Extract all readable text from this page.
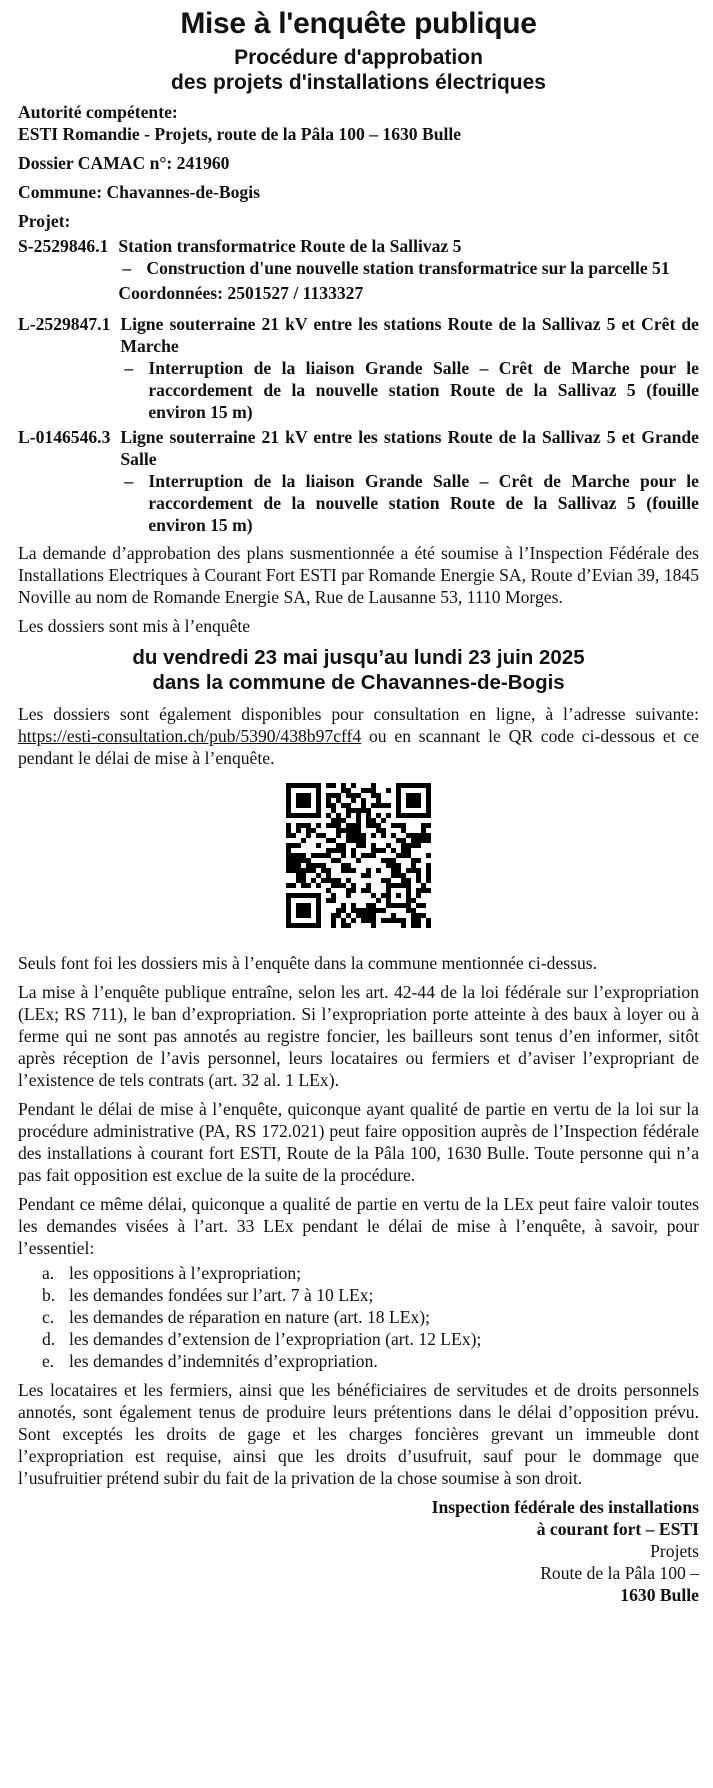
Mise à l'enquête publique
Procédure d'approbation
des projets d'installations électriques
Autorité compétente:
ESTI Romandie - Projets, route de la Pâla 100 – 1630 Bulle
Dossier CAMAC n°: 241960
Commune: Chavannes-de-Bogis
Projet:
S-2529846.1 Station transformatrice Route de la Sallivaz 5
– Construction d'une nouvelle station transformatrice sur la parcelle 51
Coordonnées: 2501527 / 1133327
L-2529847.1 Ligne souterraine 21 kV entre les stations Route de la Sallivaz 5 et Crêt de Marche
– Interruption de la liaison Grande Salle – Crêt de Marche pour le raccordement de la nouvelle station Route de la Sallivaz 5 (fouille environ 15 m)
L-0146546.3 Ligne souterraine 21 kV entre les stations Route de la Sallivaz 5 et Grande Salle
– Interruption de la liaison Grande Salle – Crêt de Marche pour le raccordement de la nouvelle station Route de la Sallivaz 5 (fouille environ 15 m)

La demande d’approbation des plans susmentionnée a été soumise à l’Inspection Fédérale des Installations Electriques à Courant Fort ESTI par Romande Energie SA, Route d’Evian 39, 1845 Noville au nom de Romande Energie SA, Rue de Lausanne 53, 1110 Morges.

Les dossiers sont mis à l’enquête

du vendredi 23 mai jusqu’au lundi 23 juin 2025
dans la commune de Chavannes-de-Bogis

Les dossiers sont également disponibles pour consultation en ligne, à l’adresse suivante: https://esti-consultation.ch/pub/5390/438b97cff4 ou en scannant le QR code ci-dessous et ce pendant le délai de mise à l’enquête.

Seuls font foi les dossiers mis à l’enquête dans la commune mentionnée ci-dessus.

La mise à l’enquête publique entraîne, selon les art. 42-44 de la loi fédérale sur l’expropriation (LEx; RS 711), le ban d’expropriation. Si l’expropriation porte atteinte à des baux à loyer ou à ferme qui ne sont pas annotés au registre foncier, les bailleurs sont tenus d’en informer, sitôt après réception de l’avis personnel, leurs locataires ou fermiers et d’aviser l’expropriant de l’existence de tels contrats (art. 32 al. 1 LEx).

Pendant le délai de mise à l’enquête, quiconque ayant qualité de partie en vertu de la loi sur la procédure administrative (PA, RS 172.021) peut faire opposition auprès de l’Inspection fédérale des installations à courant fort ESTI, Route de la Pâla 100, 1630 Bulle. Toute personne qui n’a pas fait opposition est exclue de la suite de la procédure.

Pendant ce même délai, quiconque a qualité de partie en vertu de la LEx peut faire valoir toutes les demandes visées à l’art. 33 LEx pendant le délai de mise à l’enquête, à savoir, pour l’essentiel:

a. les oppositions à l’expropriation;
b. les demandes fondées sur l’art. 7 à 10 LEx;
c. les demandes de réparation en nature (art. 18 LEx);
d. les demandes d’extension de l’expropriation (art. 12 LEx);
e. les demandes d’indemnités d’expropriation.

Les locataires et les fermiers, ainsi que les bénéficiaires de servitudes et de droits personnels annotés, sont également tenus de produire leurs prétentions dans le délai d’opposition prévu. Sont exceptés les droits de gage et les charges foncières grevant un immeuble dont l’expropriation est requise, ainsi que les droits d’usufruit, sauf pour le dommage que l’usufruitier prétend subir du fait de la privation de la chose soumise à son droit.

Inspection fédérale des installations
à courant fort – ESTI
Projets
Route de la Pâla 100 –
1630 Bulle
